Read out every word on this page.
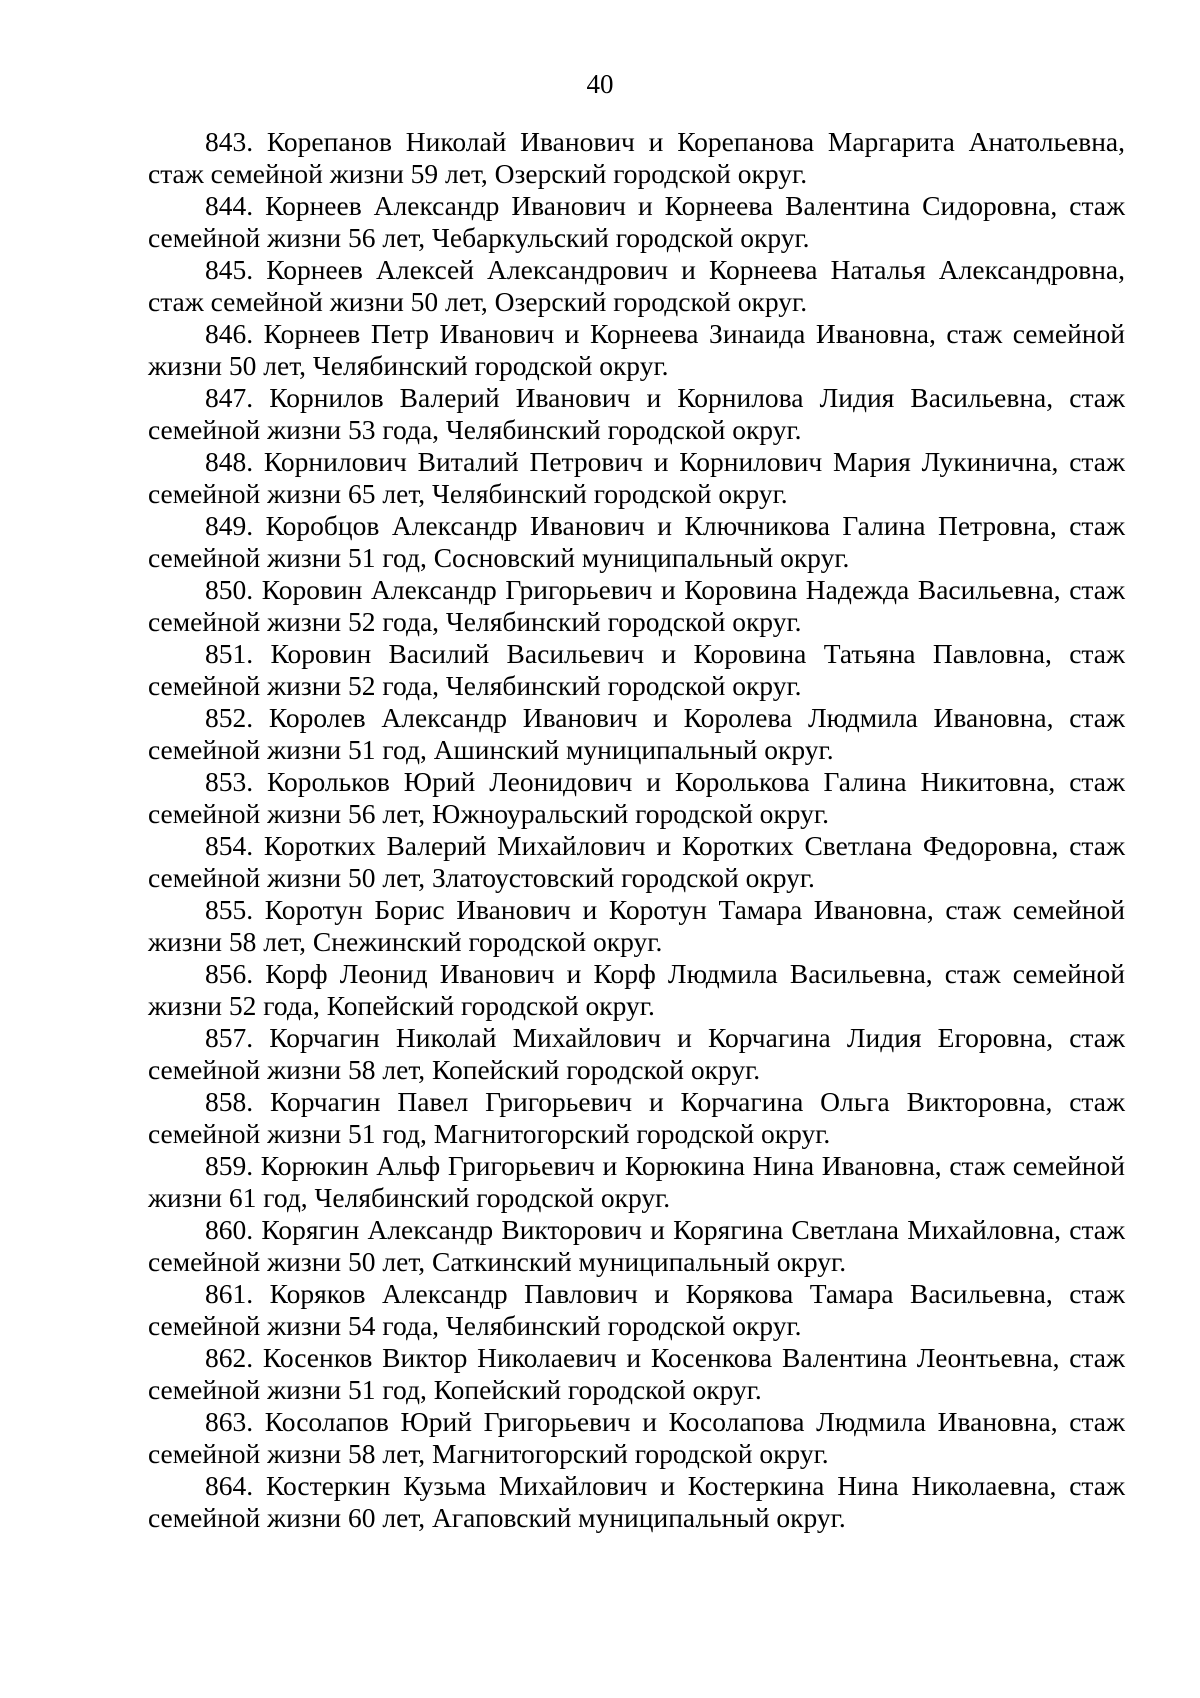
40

843. Корепанов Николай Иванович и Корепанова Маргарита Анатольевна, стаж семейной жизни 59 лет, Озерский городской округ.

844. Корнеев Александр Иванович и Корнеева Валентина Сидоровна, стаж семейной жизни 56 лет, Чебаркульский городской округ.

845. Корнеев Алексей Александрович и Корнеева Наталья Александровна, стаж семейной жизни 50 лет, Озерский городской округ.

846. Корнеев Петр Иванович и Корнеева Зинаида Ивановна, стаж семейной жизни 50 лет, Челябинский городской округ.

847. Корнилов Валерий Иванович и Корнилова Лидия Васильевна, стаж семейной жизни 53 года, Челябинский городской округ.

848. Корнилович Виталий Петрович и Корнилович Мария Лукинична, стаж семейной жизни 65 лет, Челябинский городской округ.

849. Коробцов Александр Иванович и Ключникова Галина Петровна, стаж семейной жизни 51 год, Сосновский муниципальный округ.

850. Коровин Александр Григорьевич и Коровина Надежда Васильевна, стаж семейной жизни 52 года, Челябинский городской округ.

851. Коровин Василий Васильевич и Коровина Татьяна Павловна, стаж семейной жизни 52 года, Челябинский городской округ.

852. Королев Александр Иванович и Королева Людмила Ивановна, стаж семейной жизни 51 год, Ашинский муниципальный округ.

853. Корольков Юрий Леонидович и Королькова Галина Никитовна, стаж семейной жизни 56 лет, Южноуральский городской округ.

854. Коротких Валерий Михайлович и Коротких Светлана Федоровна, стаж семейной жизни 50 лет, Златоустовский городской округ.

855. Коротун Борис Иванович и Коротун Тамара Ивановна, стаж семейной жизни 58 лет, Снежинский городской округ.

856. Корф Леонид Иванович и Корф Людмила Васильевна, стаж семейной жизни 52 года, Копейский городской округ.

857. Корчагин Николай Михайлович и Корчагина Лидия Егоровна, стаж семейной жизни 58 лет, Копейский городской округ.

858. Корчагин Павел Григорьевич и Корчагина Ольга Викторовна, стаж семейной жизни 51 год, Магнитогорский городской округ.

859. Корюкин Альф Григорьевич и Корюкина Нина Ивановна, стаж семейной жизни 61 год, Челябинский городской округ.

860. Корягин Александр Викторович и Корягина Светлана Михайловна, стаж семейной жизни 50 лет, Саткинский муниципальный округ.

861. Коряков Александр Павлович и Корякова Тамара Васильевна, стаж семейной жизни 54 года, Челябинский городской округ.

862. Косенков Виктор Николаевич и Косенкова Валентина Леонтьевна, стаж семейной жизни 51 год, Копейский городской округ.

863. Косолапов Юрий Григорьевич и Косолапова Людмила Ивановна, стаж семейной жизни 58 лет, Магнитогорский городской округ.

864. Костеркин Кузьма Михайлович и Костеркина Нина Николаевна, стаж семейной жизни 60 лет, Агаповский муниципальный округ.
